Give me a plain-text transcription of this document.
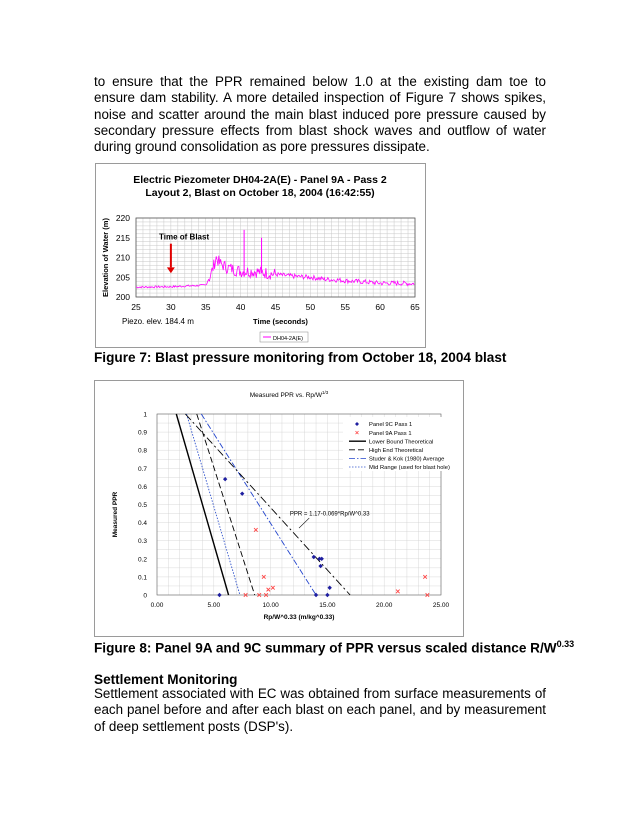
to ensure that the PPR remained below 1.0 at the existing dam toe to ensure dam stability. A more detailed inspection of Figure 7 shows spikes, noise and scatter around the main blast induced pore pressure caused by secondary pressure effects from blast shock waves and outflow of water during ground consolidation as pore pressures dissipate.

Electric Piezometer DH04-2A(E) - Panel 9A - Pass 2
Layout 2, Blast on October 18, 2004 (16:42:55)
25	30	35	40	45	50	55	60	65
200
205
210
215
220
Time (seconds)
Elevation of Water (m)	Time of Blast
Piezo. elev. 184.4 m
DH04-2A(E)

Figure 7: Blast pressure monitoring from October 18, 2004 blast

Measured PPR vs. $Rp/W^{1/3}$
0.00	5.00	10.00	15.00	20.00	25.00
0
0.1
0.2
0.3
0.4
0.5
0.6
0.7
0.8
0.9
1
Rp/W^0.33 (m/kg^0.33)
Measured PPR	PPR = 1.17-0.069*Rp/W^0.33
Panel 9C Pass 1
Panel 9A Pass 1
Lower Bound Theoretical
High End Theoretical
Studer & Kok (1980) Average
Mid Range (used for blast hole)

Figure 8: Panel 9A and 9C summary of PPR versus scaled distance $R/W^{0.33}$

Settlement Monitoring

Settlement associated with EC was obtained from surface measurements of each panel before and after each blast on each panel, and by measurement of deep settlement posts (DSP's).
